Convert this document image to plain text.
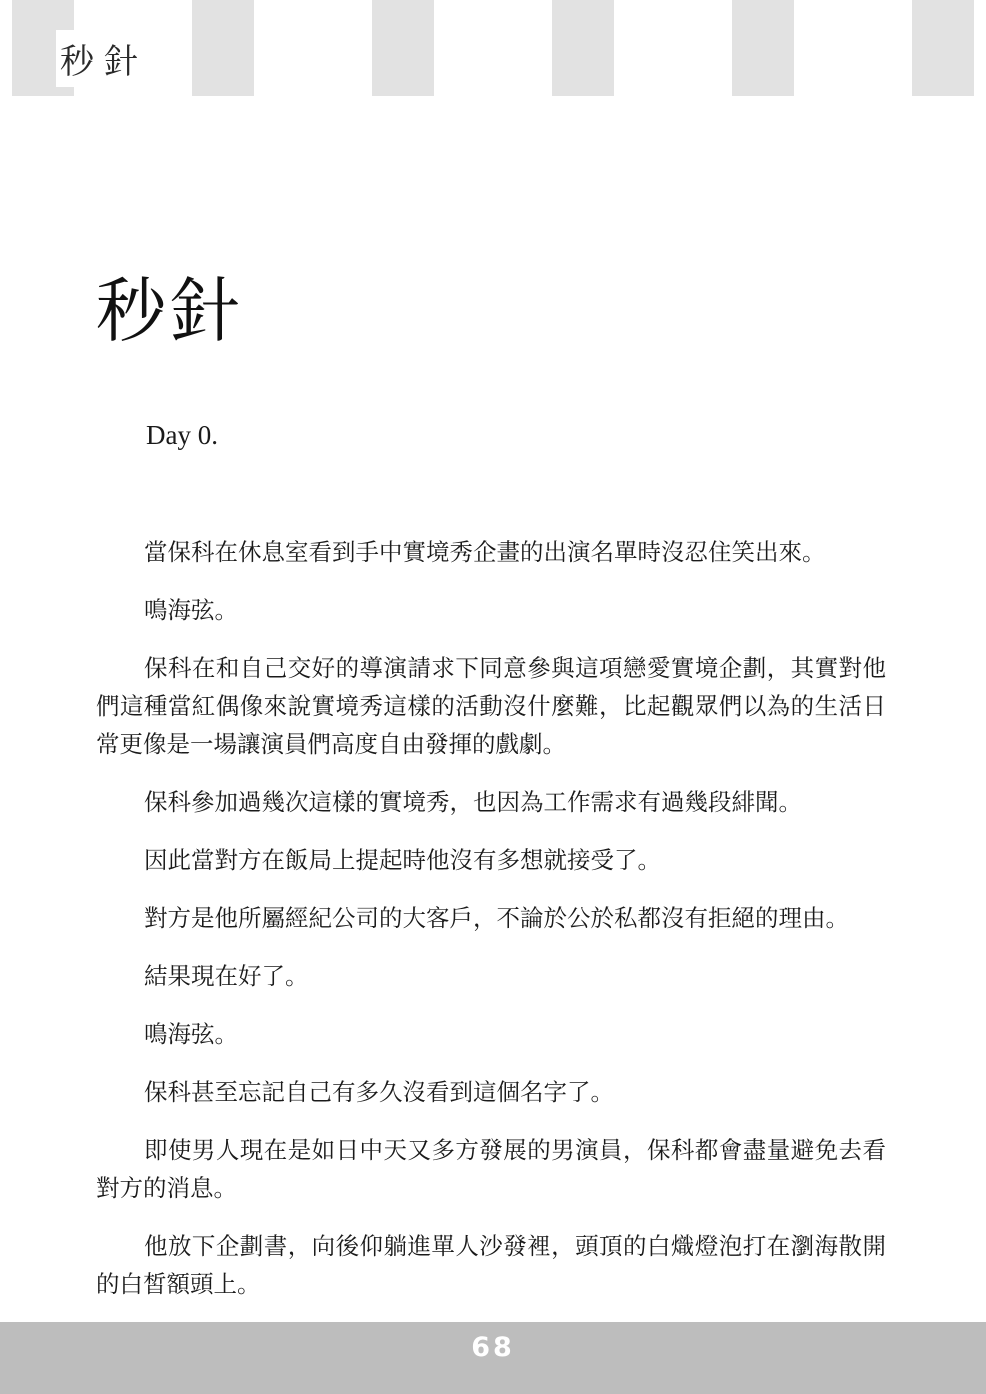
秒針
秒針
Day 0.

當保科在休息室看到手中實境秀企畫的出演名單時沒忍住笑出來。

鳴海弦。

保科在和自己交好的導演請求下同意參與這項戀愛實境企劃，其實對他們這種當紅偶像來說實境秀這樣的活動沒什麼難，比起觀眾們以為的生活日常更像是一場讓演員們高度自由發揮的戲劇。

保科參加過幾次這樣的實境秀，也因為工作需求有過幾段緋聞。

因此當對方在飯局上提起時他沒有多想就接受了。

對方是他所屬經紀公司的大客戶，不論於公於私都沒有拒絕的理由。

結果現在好了。

鳴海弦。

保科甚至忘記自己有多久沒看到這個名字了。

即使男人現在是如日中天又多方發展的男演員，保科都會盡量避免去看對方的消息。

他放下企劃書，向後仰躺進單人沙發裡，頭頂的白熾燈泡打在瀏海散開的白皙額頭上。

68
